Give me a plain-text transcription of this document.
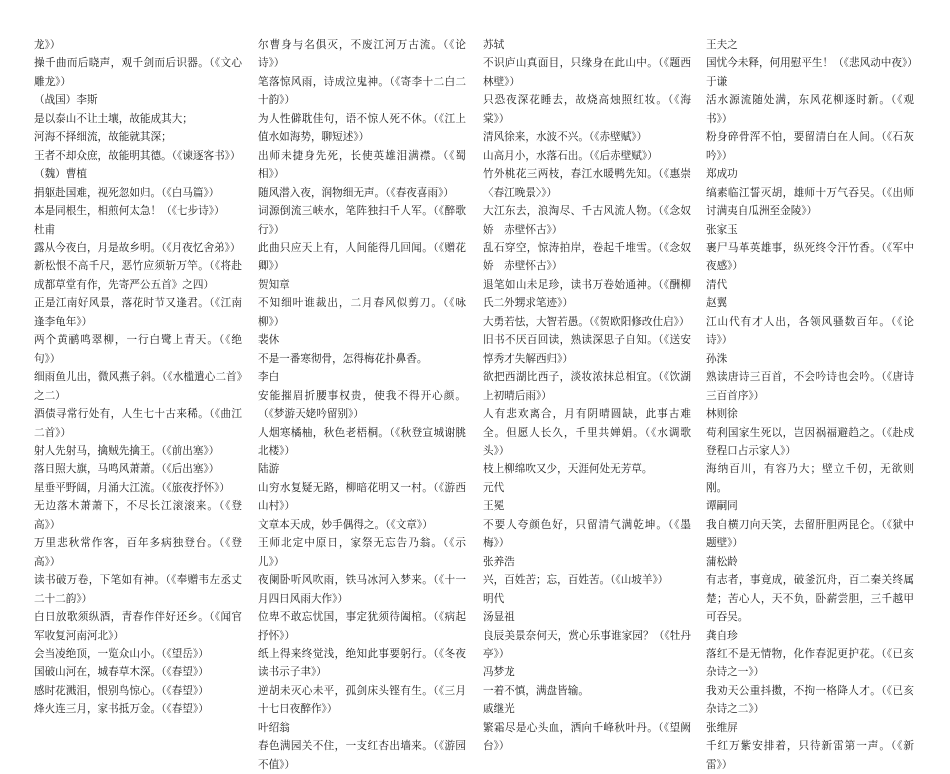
龙》）

操千曲而后晓声，观千剑而后识器。（《文心雕龙》）

（战国）李斯

是以泰山不让土壤，故能成其大；

河海不择细流，故能就其深；

王者不却众庶，故能明其德。（《谏逐客书》）

（魏）曹植

捐躯赴国难，视死忽如归。（《白马篇》）

本是同根生，相煎何太急！（《七步诗》）

杜甫

露从今夜白，月是故乡明。（《月夜忆舍弟》）

新松恨不高千尺，恶竹应须斩万竿。（《将赴成都草堂有作，先寄严公五首》之四）

正是江南好风景，落花时节又逢君。（《江南逢李龟年》）

两个黄鹂鸣翠柳，一行白鹭上青天。（《绝句》）

细雨鱼儿出，微风燕子斜。（《水槛遣心二首》之二）

酒债寻常行处有，人生七十古来稀。（《曲江二首》）

射人先射马，擒贼先擒王。（《前出塞》）

落日照大旗，马鸣风萧萧。（《后出塞》）

星垂平野阔，月涌大江流。（《旅夜抒怀》）

无边落木萧萧下，不尽长江滚滚来。（《登高》）

万里悲秋常作客，百年多病独登台。（《登高》）

读书破万卷，下笔如有神。（《奉赠韦左丞丈二十二韵》）

白日放歌须纵酒，青春作伴好还乡。（《闻官军收复河南河北》）

会当凌绝顶，一览众山小。（《望岳》）

国破山河在，城春草木深。（《春望》）

感时花溅泪，恨别鸟惊心。（《春望》）

烽火连三月，家书抵万金。（《春望》）

尔曹身与名俱灭，不废江河万古流。（《论诗》）

笔落惊风雨，诗成泣鬼神。（《寄李十二白二十韵》）

为人性僻耽佳句，语不惊人死不休。（《江上值水如海势，聊短述》）

出师未捷身先死，长使英雄泪满襟。（《蜀相》）

随风潜入夜，润物细无声。（《春夜喜雨》）

词源倒流三峡水，笔阵独扫千人军。（《醉歌行》）

此曲只应天上有，人间能得几回闻。（《赠花卿》）

贺知章

不知细叶谁裁出，二月春风似剪刀。（《咏柳》）

裴休

不是一番寒彻骨，怎得梅花扑鼻香。

李白

安能摧眉折腰事权贵，使我不得开心颜。（《梦游天姥吟留别》）

人烟寒橘柚，秋色老梧桐。（《秋登宣城谢朓北楼》）

陆游

山穷水复疑无路，柳暗花明又一村。（《游西山村》）

文章本天成，妙手偶得之。（《文章》）

王师北定中原日，家祭无忘告乃翁。（《示儿》）

夜阑卧听风吹雨，铁马冰河入梦来。（《十一月四日风雨大作》）

位卑不敢忘忧国，事定犹须待阖棺。（《病起抒怀》）

纸上得来终觉浅，绝知此事要躬行。（《冬夜读书示子聿》）

逆胡未灭心未平，孤剑床头铿有生。（《三月十七日夜醉作》）

叶绍翁

春色满园关不住，一支红杏出墙来。（《游园不值》）

苏轼

不识庐山真面目，只缘身在此山中。（《题西林壁》）

只恐夜深花睡去，故烧高烛照红妆。（《海棠》）

清风徐来，水波不兴。（《赤壁赋》）

山高月小，水落石出。（《后赤壁赋》）

竹外桃花三两枝，春江水暖鸭先知。（《惠崇〈春江晚景〉》）

大江东去，浪淘尽、千古风流人物。（《念奴娇　赤壁怀古》）

乱石穿空，惊涛拍岸，卷起千堆雪。（《念奴娇　赤壁怀古》）

退笔如山未足珍，读书万卷始通神。（《酬柳氏二外甥求笔迹》）

大勇若怯，大智若愚。（《贺欧阳修改仕启》）

旧书不厌百回读，熟读深思子自知。（《送安惇秀才失解西归》）

欲把西湖比西子，淡妆浓抹总相宜。（《饮湖上初晴后雨》）

人有悲欢离合，月有阴晴圆缺，此事古难全。但愿人长久，千里共婵娟。（《水调歌头》）

枝上柳绵吹又少，天涯何处无芳草。

元代

王冕

不要人夸颜色好，只留清气满乾坤。（《墨梅》）

张养浩

兴，百姓苦；忘，百姓苦。（《山坡羊》）

明代

汤显祖

良辰美景奈何天，赏心乐事谁家园？（《牡丹亭》）

冯梦龙

一着不慎，满盘皆输。

戚继光

繁霜尽是心头血，洒向千峰秋叶丹。（《望阙台》）

王夫之

国忧今未释，何用慰平生！（《悲风动中夜》）

于谦

活水源流随处满，东风花柳逐时新。（《观书》）

粉身碎骨浑不怕，要留清白在人间。（《石灰吟》）

郑成功

缟素临江誓灭胡，雄师十万气吞吴。（《出师讨满夷自瓜洲至金陵》）

张家玉

裹尸马革英雄事，纵死终令汗竹香。（《军中夜感》）

清代

赵翼

江山代有才人出，各领风骚数百年。（《论诗》）

孙洙

熟读唐诗三百首，不会吟诗也会吟。（《唐诗三百首序》）

林则徐

苟利国家生死以，岂因祸福避趋之。（《赴戍登程口占示家人》）

海纳百川，有容乃大；壁立千仞，无欲则刚。

谭嗣同

我自横刀向天笑，去留肝胆两昆仑。（《狱中题壁》）

蒲松龄

有志者，事竟成，破釜沉舟，百二秦关终属楚；苦心人，天不负，卧薪尝胆，三千越甲可吞吴。

龚自珍

落红不是无情物，化作春泥更护花。（《已亥杂诗之一》）

我劝天公重抖擞，不拘一格降人才。（《已亥杂诗之二》）

张维屏

千红万紫安排着，只待新雷第一声。（《新雷》）
